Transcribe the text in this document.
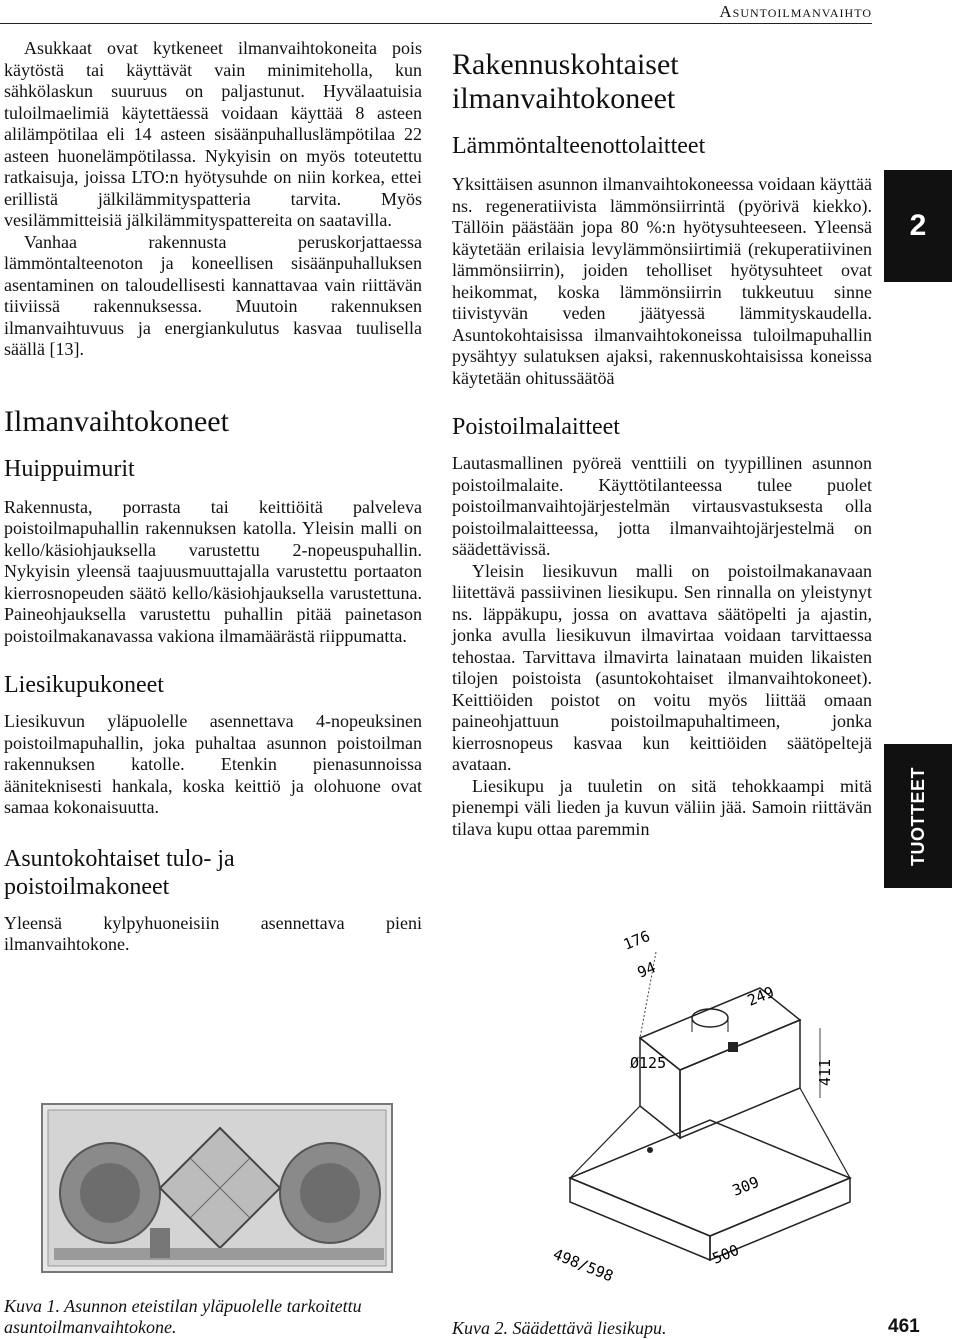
Asuntoilmanvaihto

Asukkaat ovat kytkeneet ilmanvaihtokoneita pois käytöstä tai käyttävät vain minimiteholla, kun sähkölaskun suuruus on paljastunut. Hyvälaatuisia tuloilmaelimiä käytettäessä voidaan käyttää 8 asteen alilämpötilaa eli 14 asteen sisäänpuhalluslämpötilaa 22 asteen huonelämpötilassa. Nykyisin on myös toteutettu ratkaisuja, joissa LTO:n hyötysuhde on niin korkea, ettei erillistä jälkilämmityspatteria tarvita. Myös vesilämmitteisiä jälkilämmityspattereita on saatavilla.

Vanhaa rakennusta peruskorjattaessa lämmöntalteenoton ja koneellisen sisäänpuhalluksen asentaminen on taloudellisesti kannattavaa vain riittävän tiiviissä rakennuksessa. Muutoin rakennuksen ilmanvaihtuvuus ja energiankulutus kasvaa tuulisella säällä [13].

Ilmanvaihtokoneet
Huippuimurit

Rakennusta, porrasta tai keittiöitä palveleva poistoilmapuhallin rakennuksen katolla. Yleisin malli on kello/käsiohjauksella varustettu 2-nopeuspuhallin. Nykyisin yleensä taajuusmuuttajalla varustettu portaaton kierrosnopeuden säätö kello/käsiohjauksella varustettuna. Paineohjauksella varustettu puhallin pitää painetason poistoilmakanavassa vakiona ilmamäärästä riippumatta.

Liesikupukoneet

Liesikuvun yläpuolelle asennettava 4-nopeuksinen poistoilmapuhallin, joka puhaltaa asunnon poistoilman rakennuksen katolle. Etenkin pienasunnoissa ääniteknisesti hankala, koska keittiö ja olohuone ovat samaa kokonaisuutta.

Asuntokohtaiset tulo- ja poistoilmakoneet

Yleensä kylpyhuoneisiin asennettava pieni ilmanvaihtokone.

Kuva 1. Asunnon eteistilan yläpuolelle tarkoitettu asuntoilmanvaihtokone.
Rakennuskohtaiset ilmanvaihtokoneet
Lämmöntalteenottolaitteet

Yksittäisen asunnon ilmanvaihtokoneessa voidaan käyttää ns. regeneratiivista lämmönsiirrintä (pyörivä kiekko). Tällöin päästään jopa 80 %:n hyötysuhteeseen. Yleensä käytetään erilaisia levylämmönsiirtimiä (rekuperatiivinen lämmönsiirrin), joiden teholliset hyötysuhteet ovat heikommat, koska lämmönsiirrin tukkeutuu sinne tiivistyvän veden jäätyessä lämmityskaudella. Asuntokohtaisissa ilmanvaihtokoneissa tuloilmapuhallin pysähtyy sulatuksen ajaksi, rakennuskohtaisissa koneissa käytetään ohitussäätöä

Poistoilmalaitteet

Lautasmallinen pyöreä venttiili on tyypillinen asunnon poistoilmalaite. Käyttötilanteessa tulee puolet poistoilmanvaihtojärjestelmän virtausvastuksesta olla poistoilmalaitteessa, jotta ilmanvaihtojärjestelmä on säädettävissä.

Yleisin liesikuvun malli on poistoilmakanavaan liitettävä passiivinen liesikupu. Sen rinnalla on yleistynyt ns. läppäkupu, jossa on avattava säätöpelti ja ajastin, jonka avulla liesikuvun ilmavirtaa voidaan tarvittaessa tehostaa. Tarvittava ilmavirta lainataan muiden likaisten tilojen poistoista (asuntokohtaiset ilmanvaihtokoneet). Keittiöiden poistot on voitu myös liittää omaan paineohjattuun poistoilmapuhaltimeen, jonka kierrosnopeus kasvaa kun keittiöiden säätöpeltejä avataan.

Liesikupu ja tuuletin on sitä tehokkaampi mitä pienempi väli lieden ja kuvun väliin jää. Samoin riittävän tilava kupu ottaa paremmin

176
94
249
Ø125	411
309
498/598	500
Kuva 2. Säädettävä liesikupu.
2
TUOTTEET
461
